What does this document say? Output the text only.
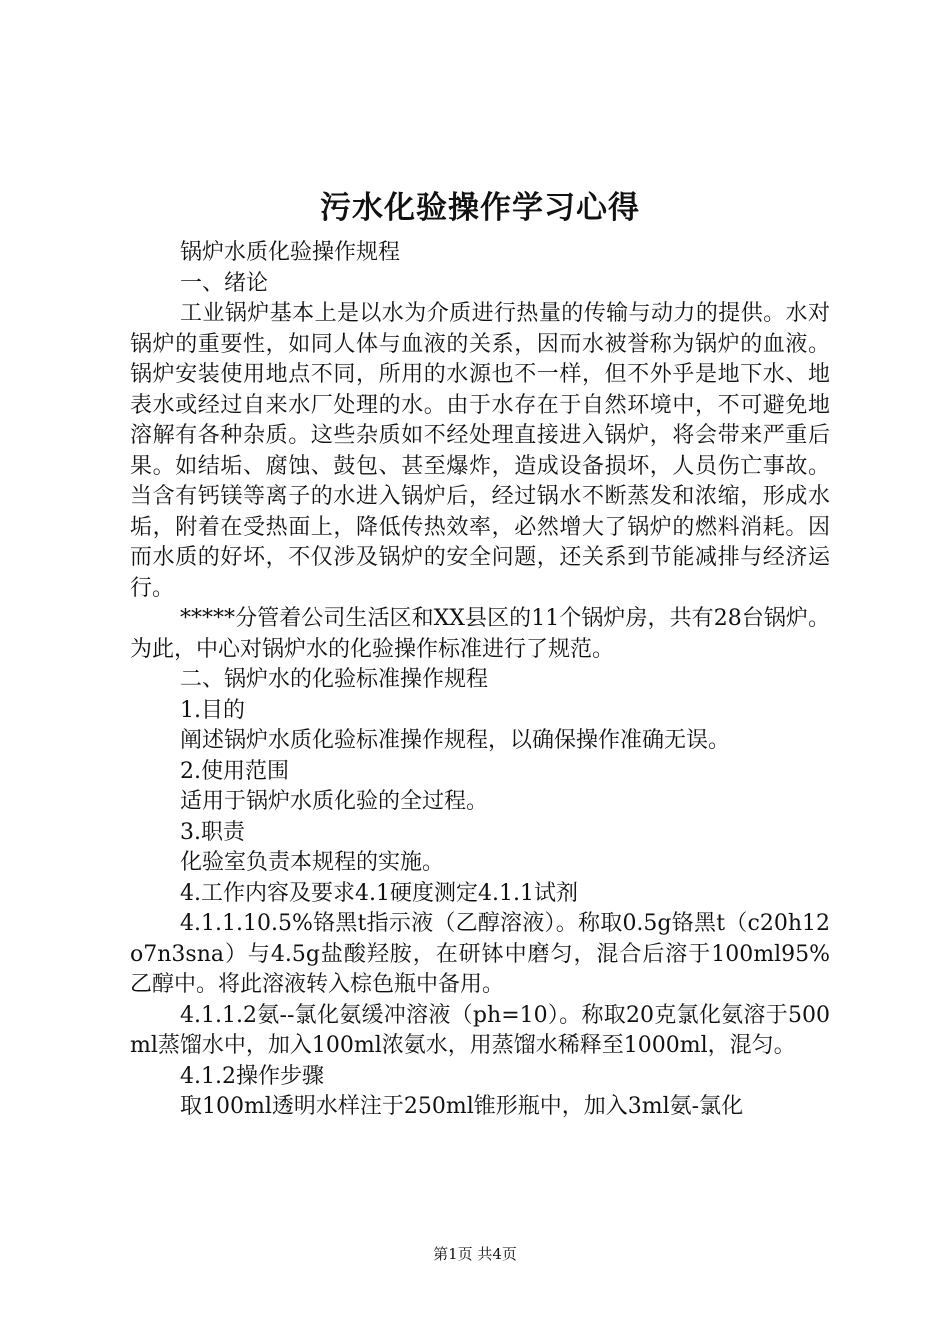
污水化验操作学习心得

锅炉水质化验操作规程

一、绪论

工业锅炉基本上是以水为介质进行热量的传输与动力的提供。水对锅炉的重要性，如同人体与血液的关系，因而水被誉称为锅炉的血液。锅炉安装使用地点不同，所用的水源也不一样，但不外乎是地下水、地表水或经过自来水厂处理的水。由于水存在于自然环境中，不可避免地溶解有各种杂质。这些杂质如不经处理直接进入锅炉，将会带来严重后果。如结垢、腐蚀、鼓包、甚至爆炸，造成设备损坏，人员伤亡事故。当含有钙镁等离子的水进入锅炉后，经过锅水不断蒸发和浓缩，形成水垢，附着在受热面上，降低传热效率，必然增大了锅炉的燃料消耗。因而水质的好坏，不仅涉及锅炉的安全问题，还关系到节能减排与经济运行。

*****分管着公司生活区和XX县区的11个锅炉房，共有28台锅炉。为此，中心对锅炉水的化验操作标准进行了规范。

二、锅炉水的化验标准操作规程

1.目的

阐述锅炉水质化验标准操作规程，以确保操作准确无误。

2.使用范围

适用于锅炉水质化验的全过程。

3.职责

化验室负责本规程的实施。

4.工作内容及要求4.1硬度测定4.1.1试剂

4.1.1.10.5%铬黑t指示液（乙醇溶液）。称取0.5g铬黑t（c20h12o7n3sna）与4.5g盐酸羟胺，在研钵中磨匀，混合后溶于100ml95%乙醇中。将此溶液转入棕色瓶中备用。

4.1.1.2氨--氯化氨缓冲溶液（ph=10）。称取20克氯化氨溶于500ml蒸馏水中，加入100ml浓氨水，用蒸馏水稀释至1000ml，混匀。

4.1.2操作步骤

取100ml透明水样注于250ml锥形瓶中，加入3ml氨-氯化

第1页 共4页
